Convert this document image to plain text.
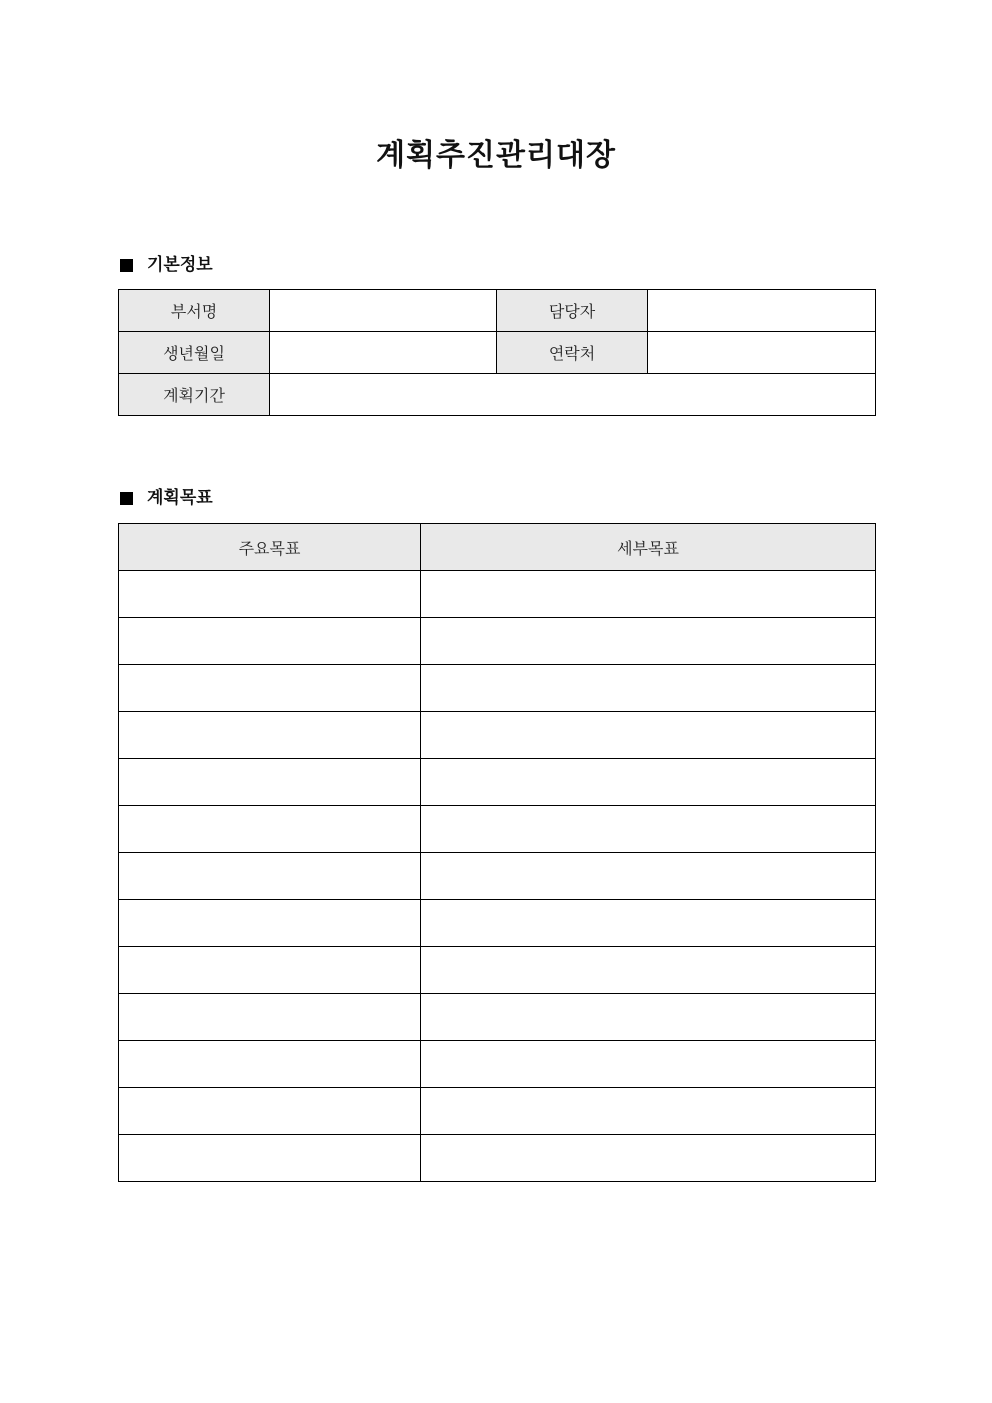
계획추진관리대장
기본정보
부서명		담당자	
생년월일		연락처	
계획기간			
계획목표
주요목표	세부목표
